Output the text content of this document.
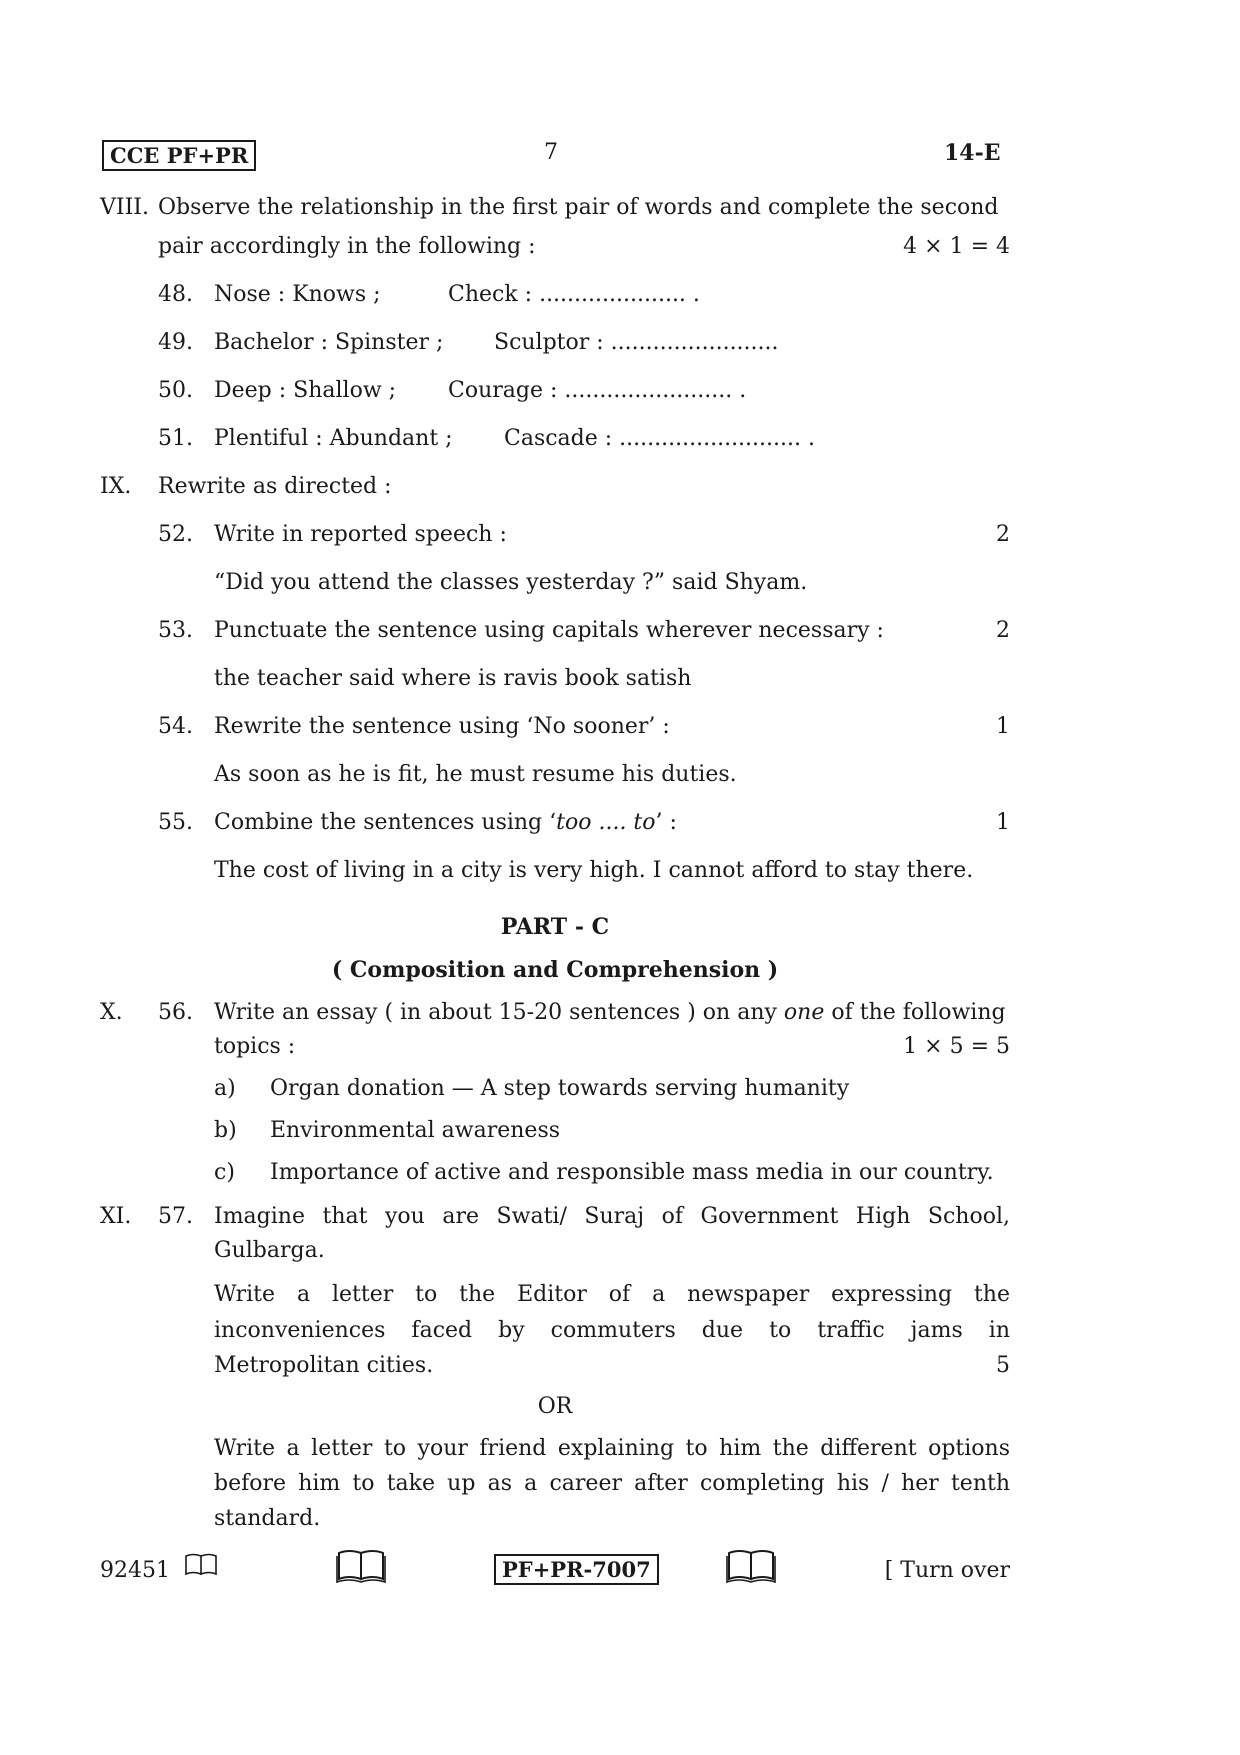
CCE PF+PR	7	14-E
VIII. Observe the relationship in the first pair of words and complete the second
pair accordingly in the following :	4 × 1 = 4
48. Nose : Knows ;	Check : ..................... .
49. Bachelor : Spinster ; Sculptor : ........................
50. Deep : Shallow ; Courage : ........................ .
51. Plentiful : Abundant ; Cascade : .......................... .
IX. Rewrite as directed :
52. Write in reported speech :	2
“Did you attend the classes yesterday ?” said Shyam.
53. Punctuate the sentence using capitals wherever necessary :	2
the teacher said where is ravis book satish
54. Rewrite the sentence using ‘No sooner’ :	1
As soon as he is fit, he must resume his duties.
55. Combine the sentences using ‘too .... to’ :	1
The cost of living in a city is very high. I cannot afford to stay there.
PART - C
( Composition and Comprehension )
X. 56. Write an essay ( in about 15-20 sentences ) on any one of the following
topics :	1 × 5 = 5
a) Organ donation — A step towards serving humanity
b) Environmental awareness
c) Importance of active and responsible mass media in our country.
XI. 57. Imagine that you are Swati/ Suraj of Government High School,
Gulbarga.
Write a letter to the Editor of a newspaper expressing the
inconveniences faced by commuters due to traffic jams in
Metropolitan cities.	5
OR
Write a letter to your friend explaining to him the different options
before him to take up as a career after completing his / her tenth
standard.
92451	PF+PR-7007	[ Turn over
